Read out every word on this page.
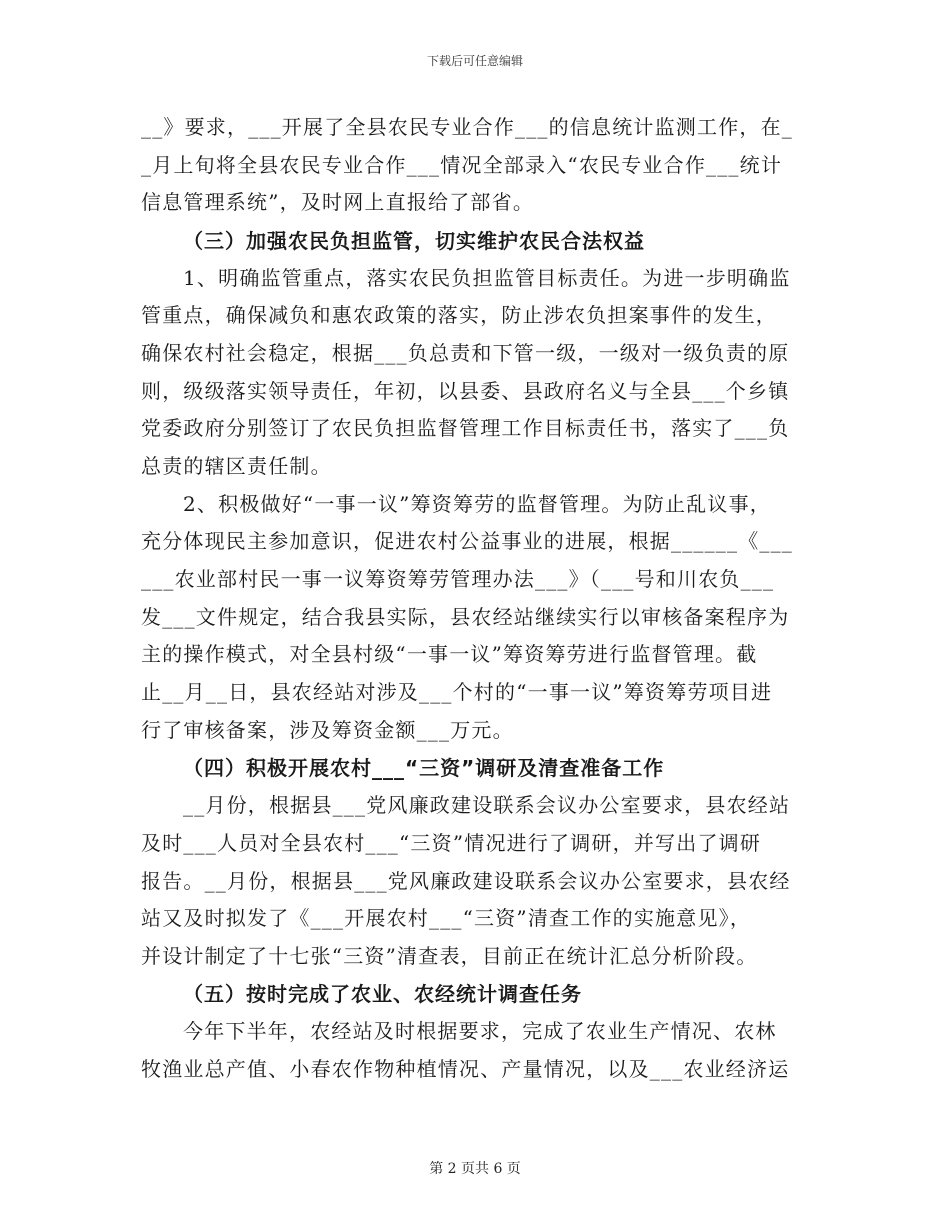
下载后可任意编辑
__》要求，___开展了全县农民专业合作___的信息统计监测工作，在_
_月上旬将全县农民专业合作___情况全部录入“农民专业合作___统计
信息管理系统”，及时网上直报给了部省。
（三）加强农民负担监管，切实维护农民合法权益
1、明确监管重点，落实农民负担监管目标责任。为进一步明确监
管重点，确保减负和惠农政策的落实，防止涉农负担案事件的发生，
确保农村社会稳定，根据___负总责和下管一级，一级对一级负责的原
则，级级落实领导责任，年初，以县委、县政府名义与全县___个乡镇
党委政府分别签订了农民负担监督管理工作目标责任书，落实了___负
总责的辖区责任制。
2、积极做好“一事一议”筹资筹劳的监督管理。为防止乱议事，
充分体现民主参加意识，促进农村公益事业的进展，根据______《___
___农业部村民一事一议筹资筹劳管理办法___》（___号和川农负___
发___文件规定，结合我县实际，县农经站继续实行以审核备案程序为
主的操作模式，对全县村级“一事一议”筹资筹劳进行监督管理。截
止__月__日，县农经站对涉及___个村的“一事一议”筹资筹劳项目进
行了审核备案，涉及筹资金额___万元。
（四）积极开展农村___“三资”调研及清查准备工作
__月份，根据县___党风廉政建设联系会议办公室要求，县农经站
及时___人员对全县农村___“三资”情况进行了调研，并写出了调研
报告。__月份，根据县___党风廉政建设联系会议办公室要求，县农经
站又及时拟发了《___开展农村___“三资”清查工作的实施意见》，
并设计制定了十七张“三资”清查表，目前正在统计汇总分析阶段。
（五）按时完成了农业、农经统计调查任务
今年下半年，农经站及时根据要求，完成了农业生产情况、农林
牧渔业总产值、小春农作物种植情况、产量情况，以及___农业经济运
第 2 页共 6 页
